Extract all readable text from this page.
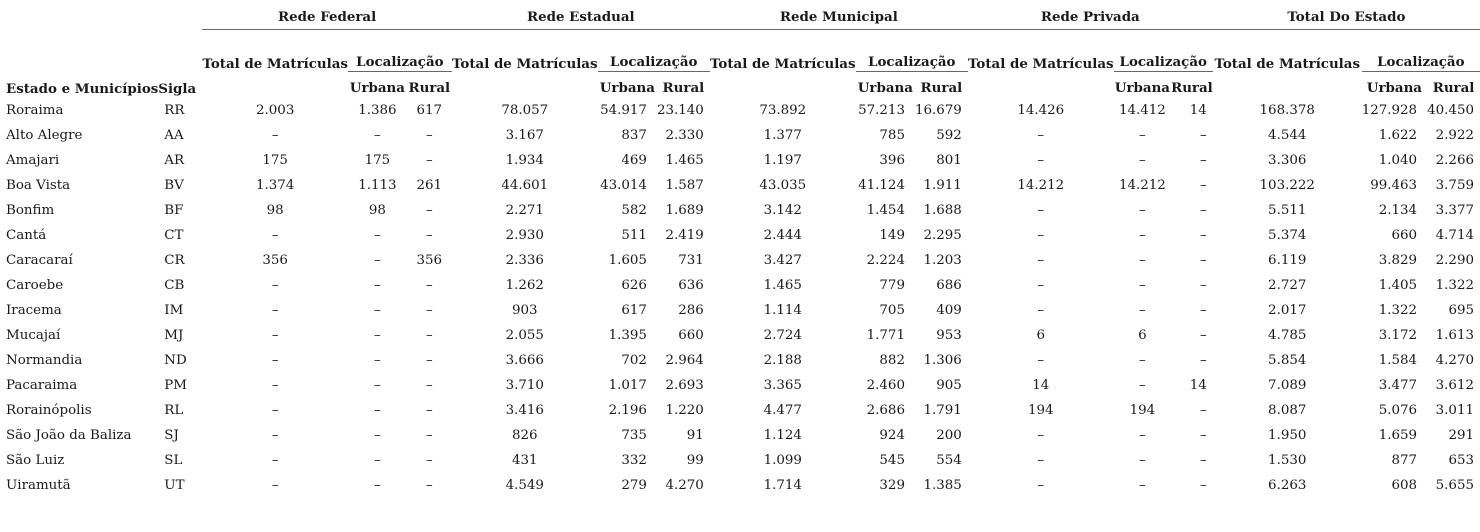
		Rede Federal			Rede Estadual			Rede Municipal			Rede Privada			Total Do Estado		
Estado e Municípios	Sigla	Total de Matrículas	Localização		Total de Matrículas	Localização		Total de Matrículas	Localização		Total de Matrículas	Localização		Total de Matrículas	Localização	
			Urbana	Rural		Urbana	Rural		Urbana	Rural		Urbana	Rural		Urbana	Rural
Roraima	RR	2.003	1.386	617	78.057	54.917	23.140	73.892	57.213	16.679	14.426	14.412	14	168.378	127.928	40.450
Alto Alegre	AA	–	–	–	3.167	837	2.330	1.377	785	592	–	–	–	4.544	1.622	2.922
Amajari	AR	175	175	–	1.934	469	1.465	1.197	396	801	–	–	–	3.306	1.040	2.266
Boa Vista	BV	1.374	1.113	261	44.601	43.014	1.587	43.035	41.124	1.911	14.212	14.212	–	103.222	99.463	3.759
Bonfim	BF	98	98	–	2.271	582	1.689	3.142	1.454	1.688	–	–	–	5.511	2.134	3.377
Cantá	CT	–	–	–	2.930	511	2.419	2.444	149	2.295	–	–	–	5.374	660	4.714
Caracaraí	CR	356	–	356	2.336	1.605	731	3.427	2.224	1.203	–	–	–	6.119	3.829	2.290
Caroebe	CB	–	–	–	1.262	626	636	1.465	779	686	–	–	–	2.727	1.405	1.322
Iracema	IM	–	–	–	903	617	286	1.114	705	409	–	–	–	2.017	1.322	695
Mucajaí	MJ	–	–	–	2.055	1.395	660	2.724	1.771	953	6	6	–	4.785	3.172	1.613
Normandia	ND	–	–	–	3.666	702	2.964	2.188	882	1.306	–	–	–	5.854	1.584	4.270
Pacaraima	PM	–	–	–	3.710	1.017	2.693	3.365	2.460	905	14	–	14	7.089	3.477	3.612
Rorainópolis	RL	–	–	–	3.416	2.196	1.220	4.477	2.686	1.791	194	194	–	8.087	5.076	3.011
São João da Baliza	SJ	–	–	–	826	735	91	1.124	924	200	–	–	–	1.950	1.659	291
São Luiz	SL	–	–	–	431	332	99	1.099	545	554	–	–	–	1.530	877	653
Uiramutã	UT	–	–	–	4.549	279	4.270	1.714	329	1.385	–	–	–	6.263	608	5.655
